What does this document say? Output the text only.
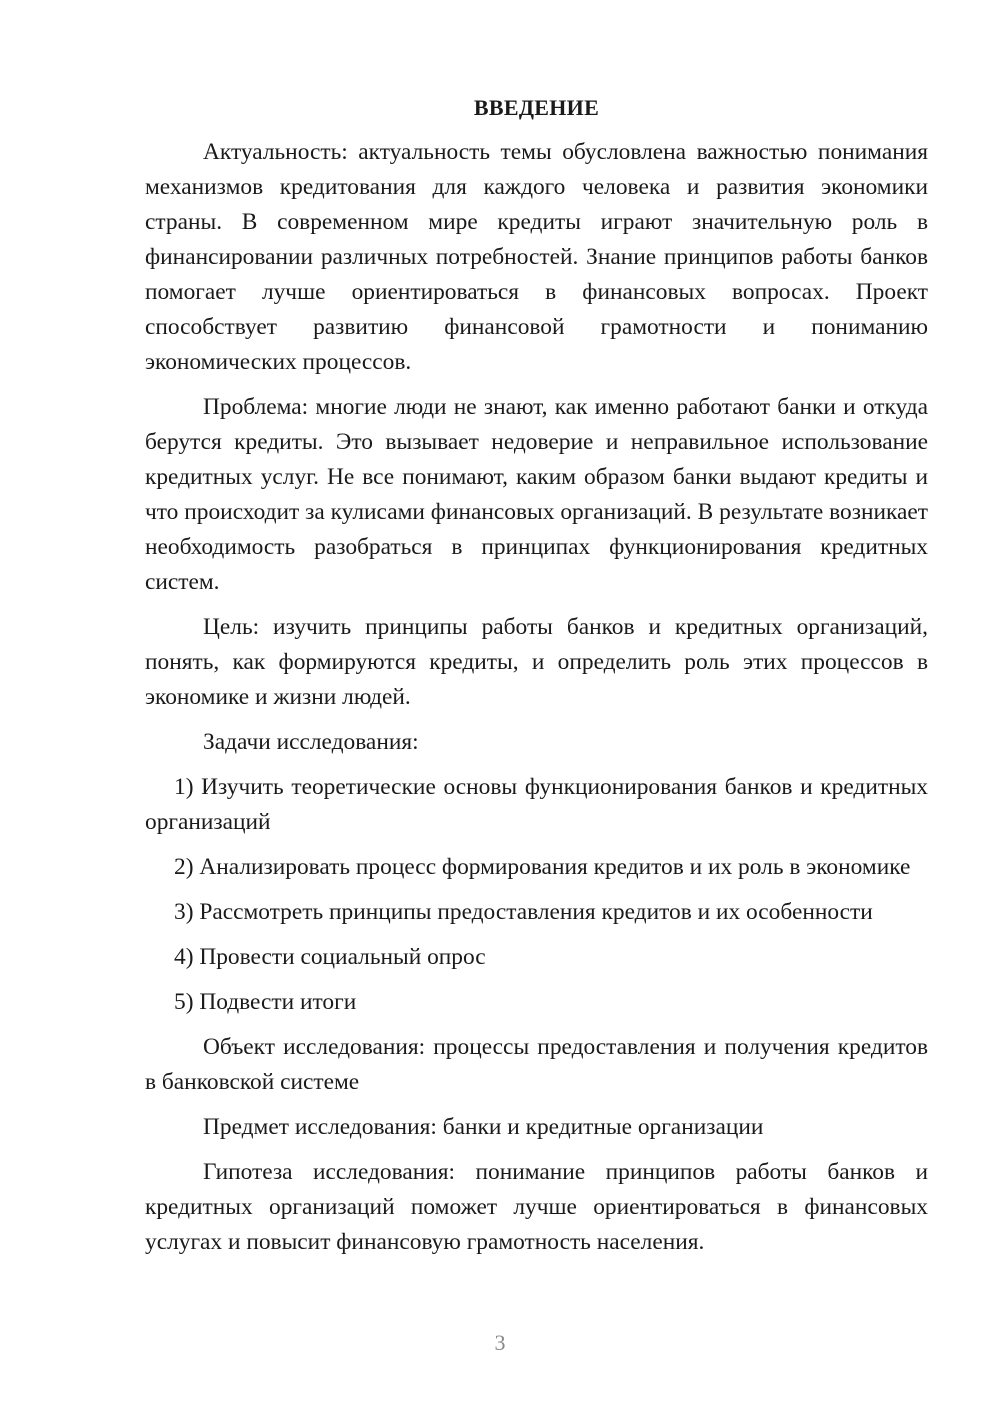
ВВЕДЕНИЕ

Актуальность: актуальность темы обусловлена важностью понимания механизмов кредитования для каждого человека и развития экономики страны. В современном мире кредиты играют значительную роль в финансировании различных потребностей. Знание принципов работы банков помогает лучше ориентироваться в финансовых вопросах. Проект способствует развитию финансовой грамотности и пониманию экономических процессов.

Проблема: многие люди не знают, как именно работают банки и откуда берутся кредиты. Это вызывает недоверие и неправильное использование кредитных услуг. Не все понимают, каким образом банки выдают кредиты и что происходит за кулисами финансовых организаций. В результате возникает необходимость разобраться в принципах функционирования кредитных систем.

Цель: изучить принципы работы банков и кредитных организаций, понять, как формируются кредиты, и определить роль этих процессов в экономике и жизни людей.

Задачи исследования:

1) Изучить теоретические основы функционирования банков и кредитных организаций

2) Анализировать процесс формирования кредитов и их роль в экономике

3) Рассмотреть принципы предоставления кредитов и их особенности

4) Провести социальный опрос

5) Подвести итоги

Объект исследования: процессы предоставления и получения кредитов в банковской системе

Предмет исследования: банки и кредитные организации

Гипотеза исследования: понимание принципов работы банков и кредитных организаций поможет лучше ориентироваться в финансовых услугах и повысит финансовую грамотность населения.

3
